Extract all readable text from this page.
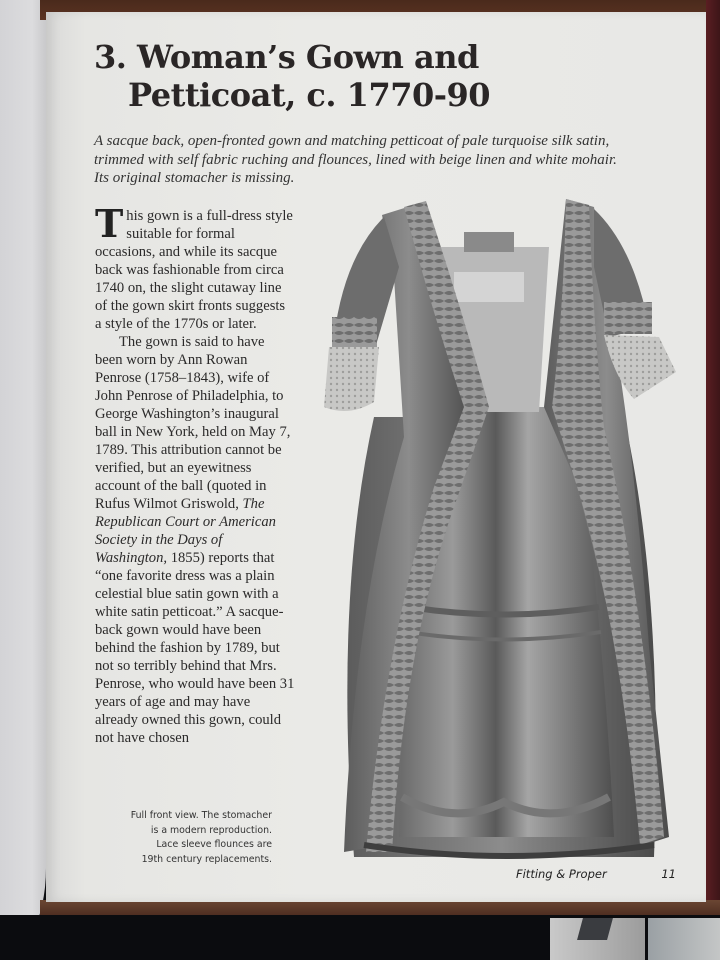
3. Woman’s Gown and
Petticoat, c. 1770-90

A sacque back, open-fronted gown and matching petticoat of pale turquoise silk satin, trimmed with self fabric ruching and flounces, lined with beige linen and white mohair. Its original stomacher is missing.

This gown is a full-dress style suitable for formal occasions, and while its sacque back was fashionable from circa 1740 on, the slight cutaway line of the gown skirt fronts suggests a style of the 1770s or later.

The gown is said to have been worn by Ann Rowan Penrose (1758–1843), wife of John Penrose of Philadelphia, to George Washington’s inaugural ball in New York, held on May 7, 1789. This attribution cannot be verified, but an eyewitness account of the ball (quoted in Rufus Wilmot Griswold, The Republican Court or American Society in the Days of Washington, 1855) reports that “one favorite dress was a plain celestial blue satin gown with a white satin petticoat.” A sacque-back gown would have been behind the fashion by 1789, but not so terribly behind that Mrs. Penrose, who would have been 31 years of age and may have already owned this gown, could not have chosen

Full front view. The stomacher
is a modern reproduction.
Lace sleeve flounces are
19th century replacements.
Fitting & Proper	11
